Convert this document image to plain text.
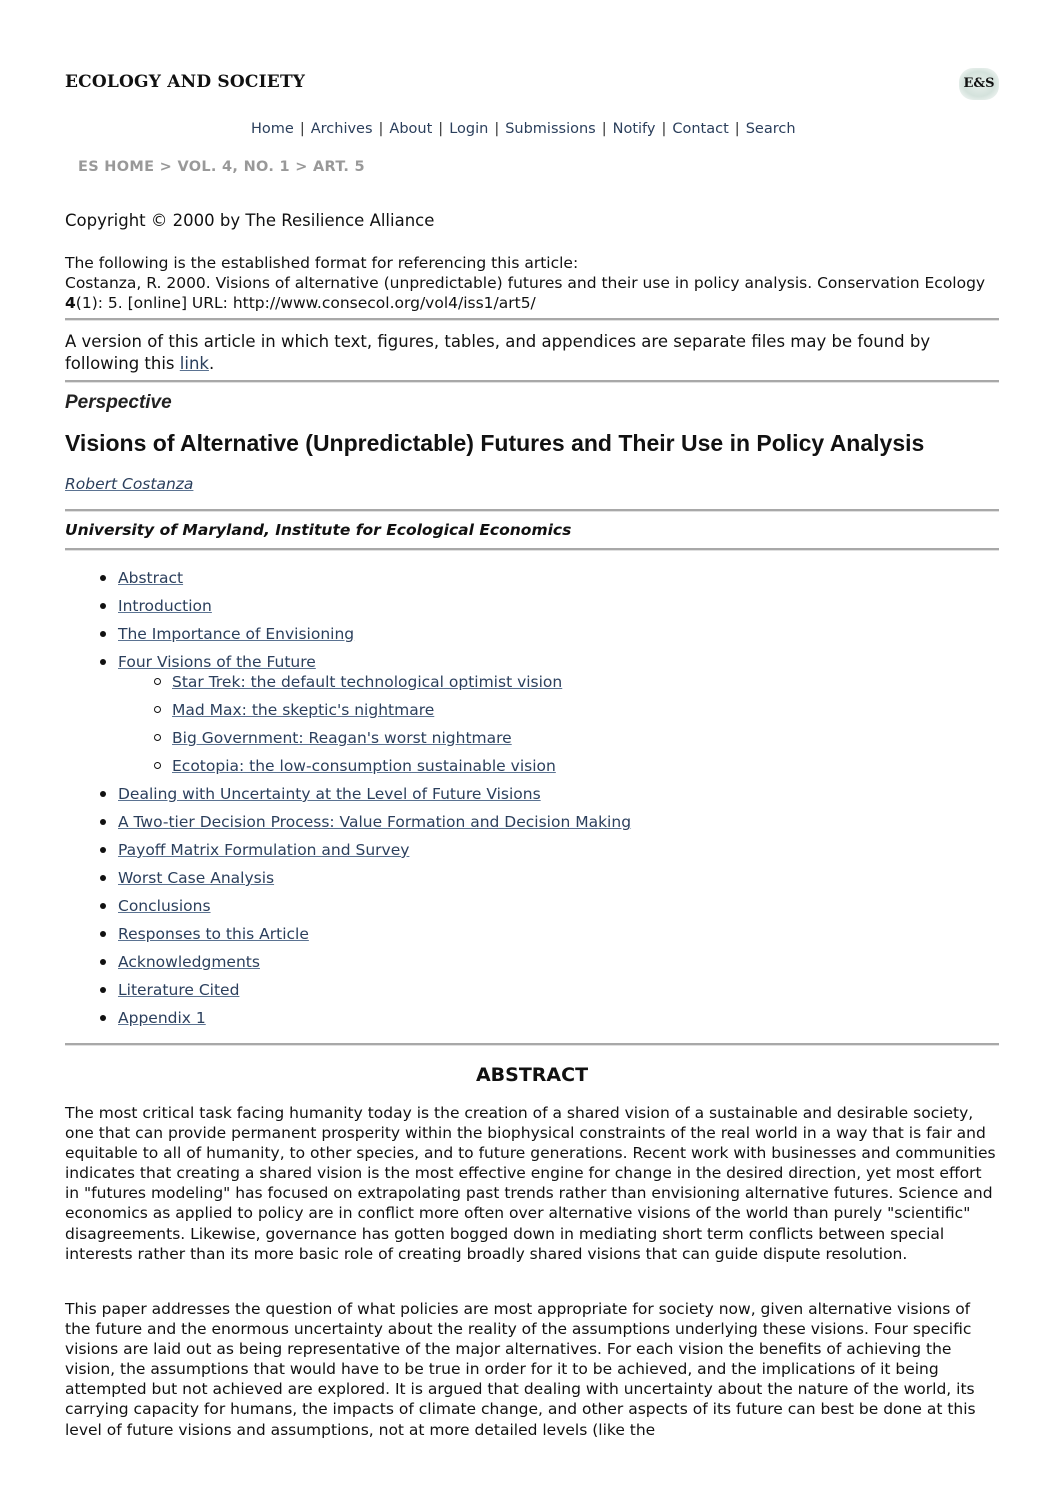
ECOLOGY AND SOCIETY	E&S
Home | Archives | About | Login | Submissions | Notify | Contact | Search
ES HOME > VOL. 4, NO. 1 > ART. 5
Copyright © 2000 by The Resilience Alliance
The following is the established format for referencing this article:
Costanza, R. 2000. Visions of alternative (unpredictable) futures and their use in policy analysis. Conservation Ecology 4(1): 5. [online] URL: http://www.consecol.org/vol4/iss1/art5/
A version of this article in which text, figures, tables, and appendices are separate files may be found by following this link.
Perspective
Visions of Alternative (Unpredictable) Futures and Their Use in Policy Analysis
Robert Costanza
University of Maryland, Institute for Ecological Economics
Abstract
Introduction
The Importance of Envisioning
Four Visions of the Future
Star Trek: the default technological optimist vision
Mad Max: the skeptic's nightmare
Big Government: Reagan's worst nightmare
Ecotopia: the low-consumption sustainable vision
Dealing with Uncertainty at the Level of Future Visions
A Two-tier Decision Process: Value Formation and Decision Making
Payoff Matrix Formulation and Survey
Worst Case Analysis
Conclusions
Responses to this Article
Acknowledgments
Literature Cited
Appendix 1
ABSTRACT

The most critical task facing humanity today is the creation of a shared vision of a sustainable and desirable society, one that can provide permanent prosperity within the biophysical constraints of the real world in a way that is fair and equitable to all of humanity, to other species, and to future generations. Recent work with businesses and communities indicates that creating a shared vision is the most effective engine for change in the desired direction, yet most effort in "futures modeling" has focused on extrapolating past trends rather than envisioning alternative futures. Science and economics as applied to policy are in conflict more often over alternative visions of the world than purely "scientific" disagreements. Likewise, governance has gotten bogged down in mediating short term conflicts between special interests rather than its more basic role of creating broadly shared visions that can guide dispute resolution.

This paper addresses the question of what policies are most appropriate for society now, given alternative visions of the future and the enormous uncertainty about the reality of the assumptions underlying these visions. Four specific visions are laid out as being representative of the major alternatives. For each vision the benefits of achieving the vision, the assumptions that would have to be true in order for it to be achieved, and the implications of it being attempted but not achieved are explored. It is argued that dealing with uncertainty about the nature of the world, its carrying capacity for humans, the impacts of climate change, and other aspects of its future can best be done at this level of future visions and assumptions, not at more detailed levels (like the
